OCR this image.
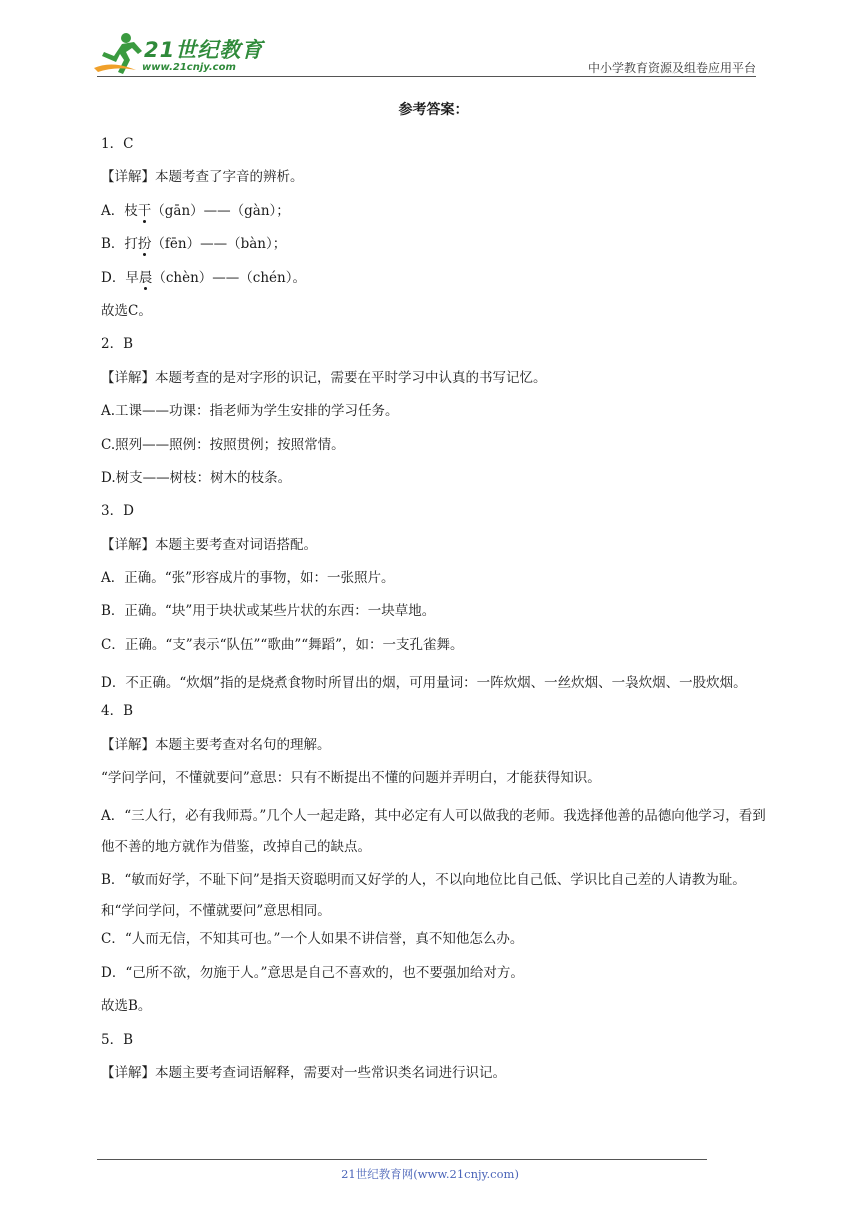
21世纪教育
www.21cnjy.com	中小学教育资源及组卷应用平台
参考答案：
1．C
【详解】本题考查了字音的辨析。
A．枝干（gān）——（gàn）；
B．打扮（fēn）——（bàn）；
D．早晨（chèn）——（chén）。
故选C。
2．B
【详解】本题考查的是对字形的识记，需要在平时学习中认真的书写记忆。
A.工课——功课：指老师为学生安排的学习任务。
C.照列——照例：按照贯例；按照常情。
D.树支——树枝：树木的枝条。
3．D
【详解】本题主要考查对词语搭配。
A．正确。“张”形容成片的事物，如：一张照片。
B．正确。“块”用于块状或某些片状的东西：一块草地。
C．正确。“支”表示“队伍”“歌曲”“舞蹈”，如：一支孔雀舞。
D．不正确。“炊烟”指的是烧煮食物时所冒出的烟，可用量词：一阵炊烟、一丝炊烟、一袅炊烟、一股炊烟。
4．B
【详解】本题主要考查对名句的理解。
“学问学问，不懂就要问”意思：只有不断提出不懂的问题并弄明白，才能获得知识。
A．“三人行，必有我师焉。”几个人一起走路，其中必定有人可以做我的老师。我选择他善的品德向他学习，看到他不善的地方就作为借鉴，改掉自己的缺点。
B．“敏而好学，不耻下问”是指天资聪明而又好学的人，不以向地位比自己低、学识比自己差的人请教为耻。和“学问学问，不懂就要问”意思相同。
C．“人而无信，不知其可也。”一个人如果不讲信誉，真不知他怎么办。
D．“己所不欲，勿施于人。”意思是自己不喜欢的，也不要强加给对方。
故选B。
5．B
【详解】本题主要考查词语解释，需要对一些常识类名词进行识记。
21世纪教育网(www.21cnjy.com)
